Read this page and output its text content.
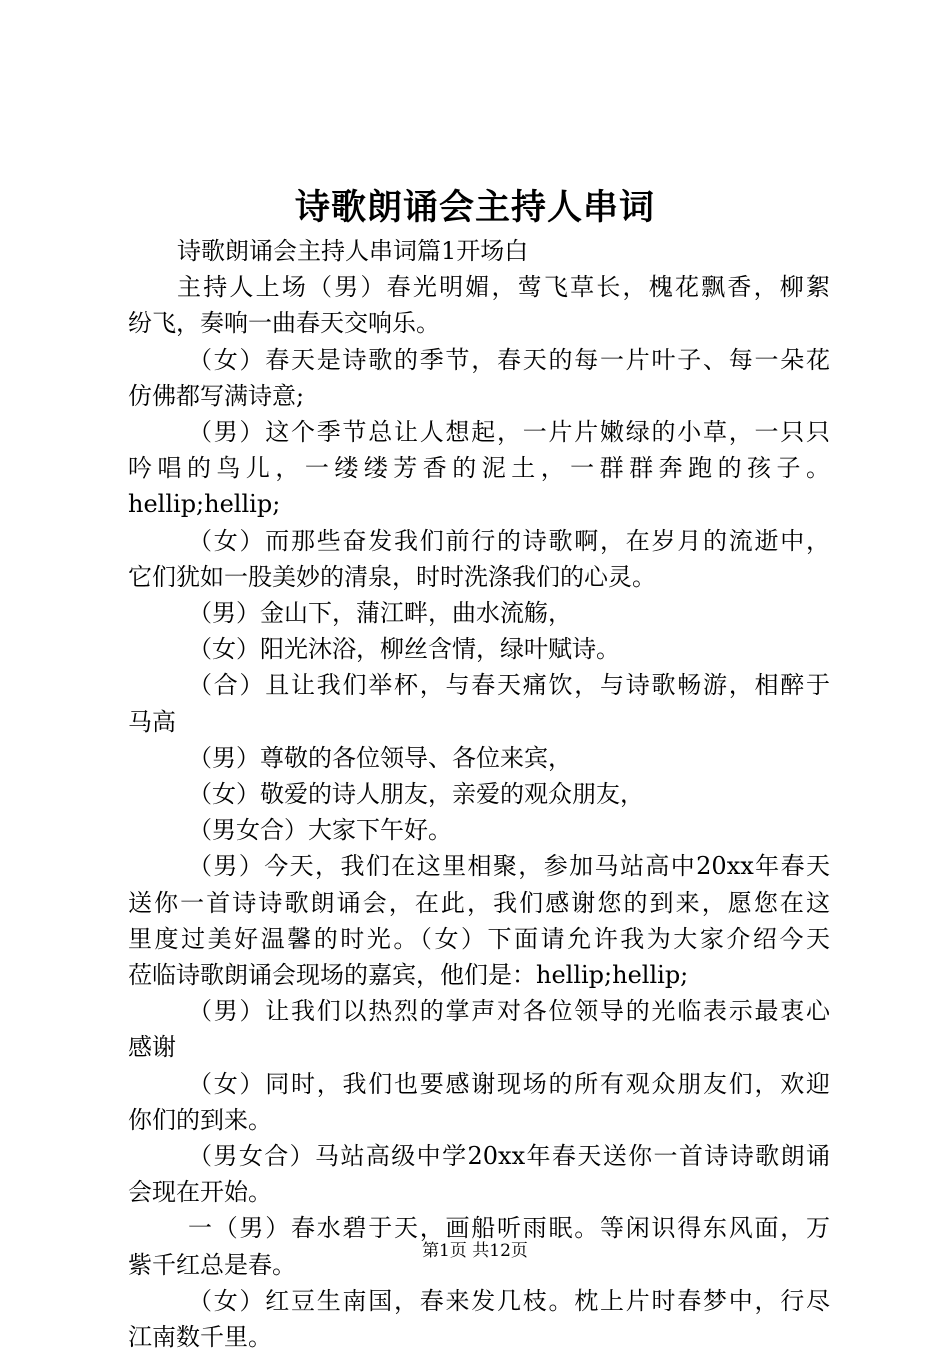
诗歌朗诵会主持人串词

诗歌朗诵会主持人串词篇1开场白

主持人上场（男）春光明媚，莺飞草长，槐花飘香，柳絮
纷飞，奏响一曲春天交响乐。

（女）春天是诗歌的季节，春天的每一片叶子、每一朵花
仿佛都写满诗意;

（男）这个季节总让人想起，一片片嫩绿的小草，一只只
吟唱的鸟儿，一缕缕芳香的泥土，一群群奔跑的孩子。
hellip;hellip;

（女）而那些奋发我们前行的诗歌啊，在岁月的流逝中，
它们犹如一股美妙的清泉，时时洗涤我们的心灵。

（男）金山下，蒲江畔，曲水流觞，

（女）阳光沐浴，柳丝含情，绿叶赋诗。

（合）且让我们举杯，与春天痛饮，与诗歌畅游，相醉于
马高

（男）尊敬的各位领导、各位来宾，

（女）敬爱的诗人朋友，亲爱的观众朋友，

（男女合）大家下午好。

（男）今天，我们在这里相聚，参加马站高中20xx年春天
送你一首诗诗歌朗诵会，在此，我们感谢您的到来，愿您在这
里度过美好温馨的时光。（女）下面请允许我为大家介绍今天
莅临诗歌朗诵会现场的嘉宾，他们是：hellip;hellip;

（男）让我们以热烈的掌声对各位领导的光临表示最衷心
感谢

（女）同时，我们也要感谢现场的所有观众朋友们，欢迎
你们的到来。

（男女合）马站高级中学20xx年春天送你一首诗诗歌朗诵
会现在开始。

一（男）春水碧于天，画船听雨眠。等闲识得东风面，万
紫千红总是春。

（女）红豆生南国，春来发几枝。枕上片时春梦中，行尽
江南数千里。

第1页 共12页
